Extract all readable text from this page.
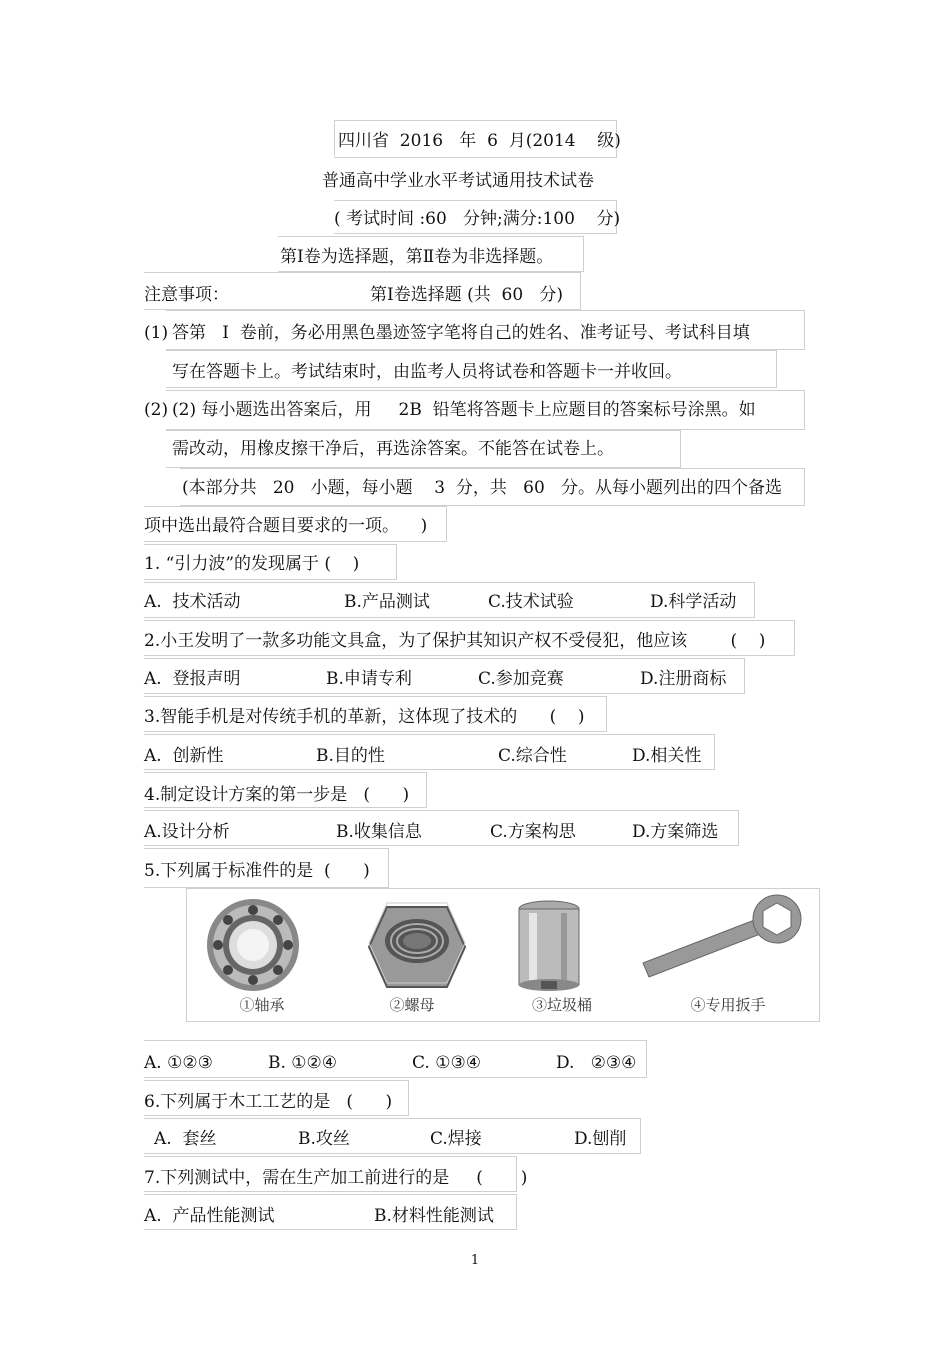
四川省  2016   年  6  月(2014    级)
普通高中学业水平考试通用技术试卷
( 考试时间 :60   分钟;满分:100    分)
第Ⅰ卷为选择题，第Ⅱ卷为非选择题。
注意事项：	第Ⅰ卷选择题 (共  60   分)
(1) 答第   Ⅰ  卷前，务必用黑色墨迹签字笔将自己的姓名、准考证号、考试科目填
写在答题卡上。考试结束时，由监考人员将试卷和答题卡一并收回。
(2) (2) 每小题选出答案后，用     2B  铅笔将答题卡上应题目的答案标号涂黑。如
需改动，用橡皮擦干净后，再选涂答案。不能答在试卷上。
(本部分共   20   小题，每小题    3  分，共   60   分。从每小题列出的四个备选
项中选出最符合题目要求的一项。    )
1. “引力波”的发现属于 (    )
A.  技术活动	B.产品测试	C.技术试验	D.科学活动
2.小王发明了一款多功能文具盒，为了保护其知识产权不受侵犯，他应该        (    )
A.  登报声明	B.申请专利	C.参加竞赛	D.注册商标
3.智能手机是对传统手机的革新，这体现了技术的      (    )
A.  创新性	B.目的性	C.综合性	D.相关性
4.制定设计方案的第一步是   (      )
A.设计分析	B.收集信息	C.方案构思	D.方案筛选
5.下列属于标准件的是  (      )
①轴承	②螺母	③垃圾桶	④专用扳手
A. ①②③	B. ①②④	C. ①③④	D.   ②③④
6.下列属于木工工艺的是   (      )
A.  套丝	B.攻丝	C.焊接	D.刨削
7.下列测试中，需在生产加工前进行的是     (       )
A.  产品性能测试	B.材料性能测试
1
